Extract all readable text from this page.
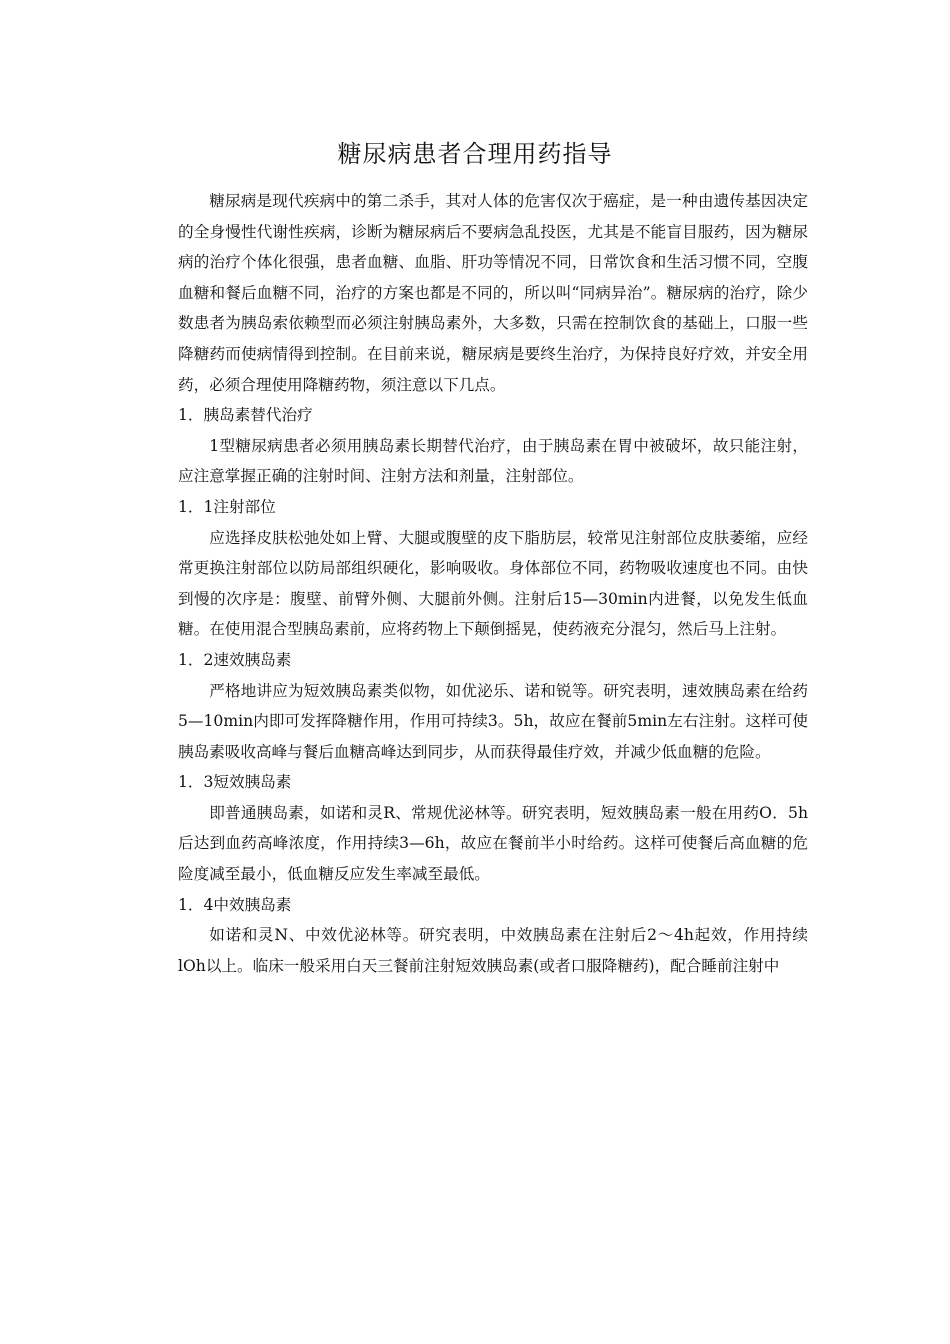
糖尿病患者合理用药指导

糖尿病是现代疾病中的第二杀手，其对人体的危害仅次于癌症，是一种由遗传基因决定的全身慢性代谢性疾病，诊断为糖尿病后不要病急乱投医，尤其是不能盲目服药，因为糖尿病的治疗个体化很强，患者血糖、血脂、肝功等情况不同，日常饮食和生活习惯不同，空腹血糖和餐后血糖不同，治疗的方案也都是不同的，所以叫“同病异治”。糖尿病的治疗，除少数患者为胰岛索依赖型而必须注射胰岛素外，大多数，只需在控制饮食的基础上，口服一些降糖药而使病情得到控制。在目前来说，糖尿病是要终生治疗，为保持良好疗效，并安全用药，必须合理使用降糖药物，须注意以下几点。

1．胰岛素替代治疗

1型糖尿病患者必须用胰岛素长期替代治疗，由于胰岛素在胃中被破坏，故只能注射，应注意掌握正确的注射时间、注射方法和剂量，注射部位。

1．1注射部位

应选择皮肤松弛处如上臂、大腿或腹壁的皮下脂肪层，较常见注射部位皮肤萎缩，应经常更换注射部位以防局部组织硬化，影响吸收。身体部位不同，药物吸收速度也不同。由快到慢的次序是：腹壁、前臂外侧、大腿前外侧。注射后15—30min内进餐，以免发生低血糖。在使用混合型胰岛素前，应将药物上下颠倒摇晃，使药液充分混匀，然后马上注射。

1．2速效胰岛素

严格地讲应为短效胰岛素类似物，如优泌乐、诺和锐等。研究表明，速效胰岛素在给药5—10min内即可发挥降糖作用，作用可持续3。5h，故应在餐前5min左右注射。这样可使胰岛素吸收高峰与餐后血糖高峰达到同步，从而获得最佳疗效，并减少低血糖的危险。

1．3短效胰岛素

即普通胰岛素，如诺和灵R、常规优泌林等。研究表明，短效胰岛素一般在用药O．5h后达到血药高峰浓度，作用持续3—6h，故应在餐前半小时给药。这样可使餐后高血糖的危险度减至最小，低血糖反应发生率减至最低。

1．4中效胰岛素

如诺和灵N、中效优泌林等。研究表明，中效胰岛素在注射后2～4h起效，作用持续lOh以上。临床一般采用白天三餐前注射短效胰岛素(或者口服降糖药)，配合睡前注射中
